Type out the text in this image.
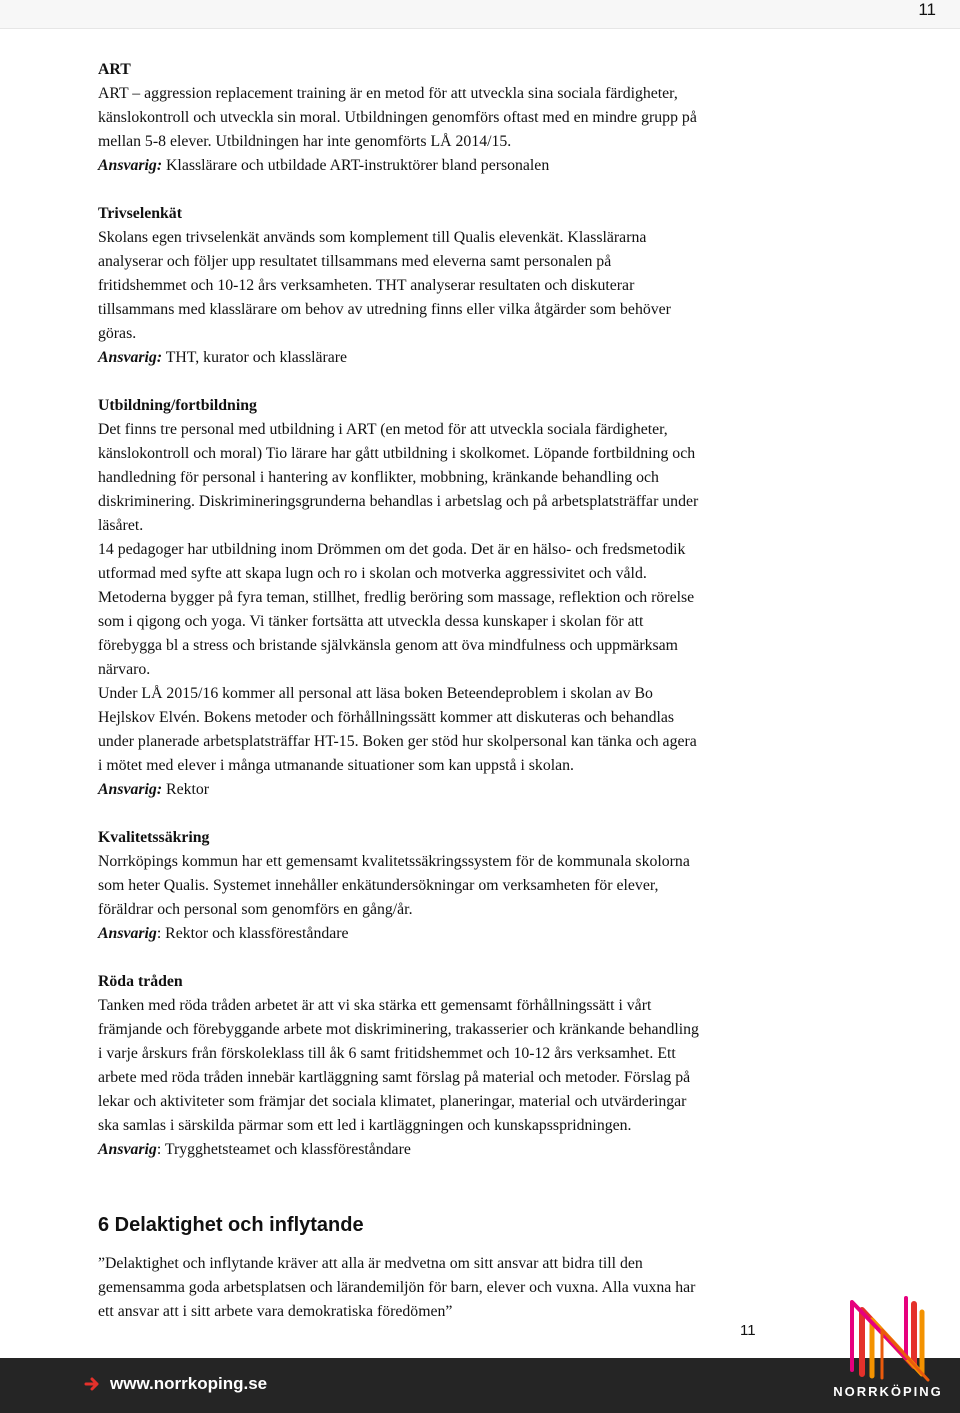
11
ART

ART – aggression replacement training är en metod för att utveckla sina sociala färdigheter,

känslokontroll och utveckla sin moral. Utbildningen genomförs oftast med en mindre grupp på

mellan 5-8 elever. Utbildningen har inte genomförts LÅ 2014/15.

Ansvarig: Klasslärare och utbildade ART-instruktörer bland personalen

Trivselenkät

Skolans egen trivselenkät används som komplement till Qualis elevenkät. Klasslärarna

analyserar och följer upp resultatet tillsammans med eleverna samt personalen på

fritidshemmet och 10-12 års verksamheten. THT analyserar resultaten och diskuterar

tillsammans med klasslärare om behov av utredning finns eller vilka åtgärder som behöver

göras.

Ansvarig: THT, kurator och klasslärare

Utbildning/fortbildning

Det finns tre personal med utbildning i ART (en metod för att utveckla sociala färdigheter,

känslokontroll och moral) Tio lärare har gått utbildning i skolkomet. Löpande fortbildning och

handledning för personal i hantering av konflikter, mobbning, kränkande behandling och

diskriminering. Diskrimineringsgrunderna behandlas i arbetslag och på arbetsplatsträffar under

läsåret.

14 pedagoger har utbildning inom Drömmen om det goda. Det är en hälso- och fredsmetodik

utformad med syfte att skapa lugn och ro i skolan och motverka aggressivitet och våld.

Metoderna bygger på fyra teman, stillhet, fredlig beröring som massage, reflektion och rörelse

som i qigong och yoga. Vi tänker fortsätta att utveckla dessa kunskaper i skolan för att

förebygga bl a stress och bristande självkänsla genom att öva mindfulness och uppmärksam

närvaro.

Under LÅ 2015/16 kommer all personal att läsa boken Beteendeproblem i skolan av Bo

Hejlskov Elvén. Bokens metoder och förhållningssätt kommer att diskuteras och behandlas

under planerade arbetsplatsträffar HT-15. Boken ger stöd hur skolpersonal kan tänka och agera

i mötet med elever i många utmanande situationer som kan uppstå i skolan.

Ansvarig: Rektor

Kvalitetssäkring

Norrköpings kommun har ett gemensamt kvalitetssäkringssystem för de kommunala skolorna

som heter Qualis. Systemet innehåller enkätundersökningar om verksamheten för elever,

föräldrar och personal som genomförs en gång/år.

Ansvarig: Rektor och klassföreståndare

Röda tråden

Tanken med röda tråden arbetet är att vi ska stärka ett gemensamt förhållningssätt i vårt

främjande och förebyggande arbete mot diskriminering, trakasserier och kränkande behandling

i varje årskurs från förskoleklass till åk 6 samt fritidshemmet och 10-12 års verksamhet. Ett

arbete med röda tråden innebär kartläggning samt förslag på material och metoder. Förslag på

lekar och aktiviteter som främjar det sociala klimatet, planeringar, material och utvärderingar

ska samlas i särskilda pärmar som ett led i kartläggningen och kunskapsspridningen.

Ansvarig: Trygghetsteamet och klassföreståndare

6 Delaktighet och inflytande

”Delaktighet och inflytande kräver att alla är medvetna om sitt ansvar att bidra till den

gemensamma goda arbetsplatsen och lärandemiljön för barn, elever och vuxna. Alla vuxna har

ett ansvar att i sitt arbete vara demokratiska föredömen”

11
www.norrkoping.se	NORRKÖPING
